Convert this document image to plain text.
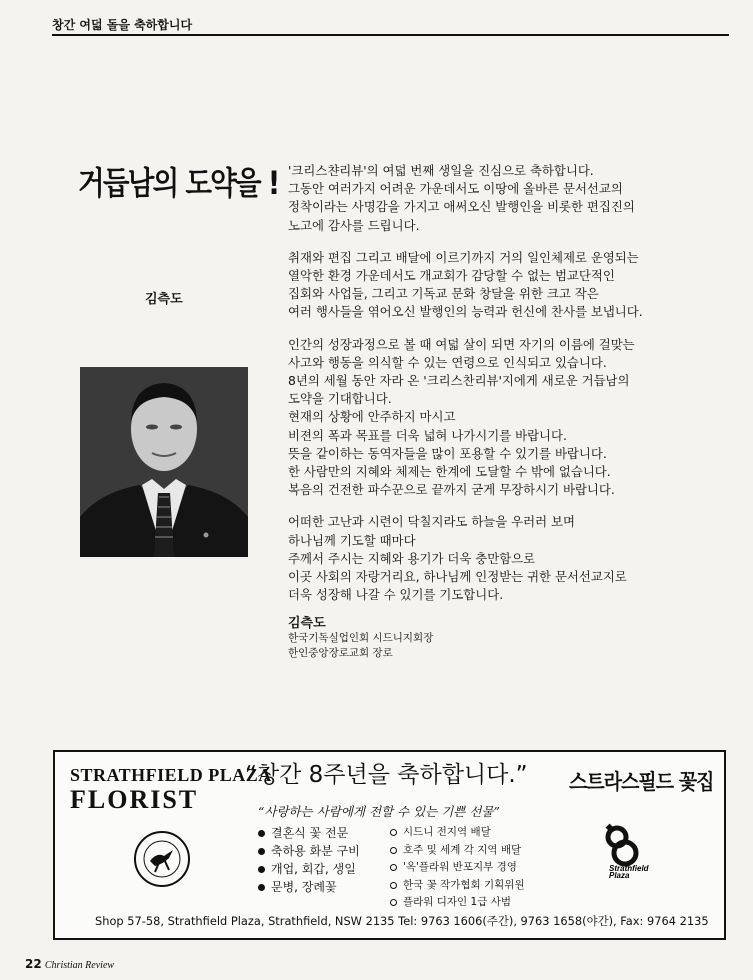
창간 여덟 돌을 축하합니다
거듭남의 도약을 !
김측도

'크리스챤리뷰'의 여덟 번째 생일을 진심으로 축하합니다.
그동안 여러가지 어려운 가운데서도 이땅에 올바른 문서선교의
정착이라는 사명감을 가지고 애써오신 발행인을 비롯한 편집진의
노고에 감사를 드립니다.

취재와 편집 그리고 배달에 이르기까지 거의 일인체제로 운영되는
열악한 환경 가운데서도 개교회가 감당할 수 없는 범교단적인
집회와 사업들, 그리고 기독교 문화 창달을 위한 크고 작은
여러 행사들을 엮어오신 발행인의 능력과 헌신에 찬사를 보냅니다.

인간의 성장과정으로 볼 때 여덟 살이 되면 자기의 이름에 걸맞는
사고와 행동을 의식할 수 있는 연령으로 인식되고 있습니다.
8년의 세월 동안 자라 온 '크리스찬리뷰'지에게 새로운 거듭남의
도약을 기대합니다.
현재의 상황에 안주하지 마시고
비젼의 폭과 목표를 더욱 넓혀 나가시기를 바랍니다.
뜻을 같이하는 동역자들을 많이 포용할 수 있기를 바랍니다.
한 사람만의 지혜와 체제는 한계에 도달할 수 밖에 없습니다.
복음의 건전한 파수꾼으로 끝까지 굳게 무장하시기 바랍니다.

어떠한 고난과 시련이 닥칠지라도 하늘을 우러러 보며
하나님께 기도할 때마다
주께서 주시는 지혜와 용기가 더욱 충만함으로
이곳 사회의 자랑거리요, 하나님께 인정받는 귀한 문서선교지로
더욱 성장해 나갈 수 있기를 기도합니다.

김측도
한국기독실업인회 시드니지회장
한인중앙장로교회 장로
STRATHFIELD PLAZA
FLORIST
“창간 8주년을 축하합니다.” 스트라스필드 꽃집
“사랑하는 사람에게 전할 수 있는 기쁜 선물”
결혼식 꽃 전문
축하용 화분 구비
개업, 회갑, 생일
문병, 장례꽃
시드니 전지역 배달
호주 및 세계 각 지역 배달
'옥'플라워 반포지부 경영
한국 꽃 작가협회 기획위원
플라워 디자인 1급 사범
Strathfield
Plaza
Shop 57-58, Strathfield Plaza, Strathfield, NSW 2135 Tel: 9763 1606(주간), 9763 1658(야간), Fax: 9764 2135
22 Christian Review
